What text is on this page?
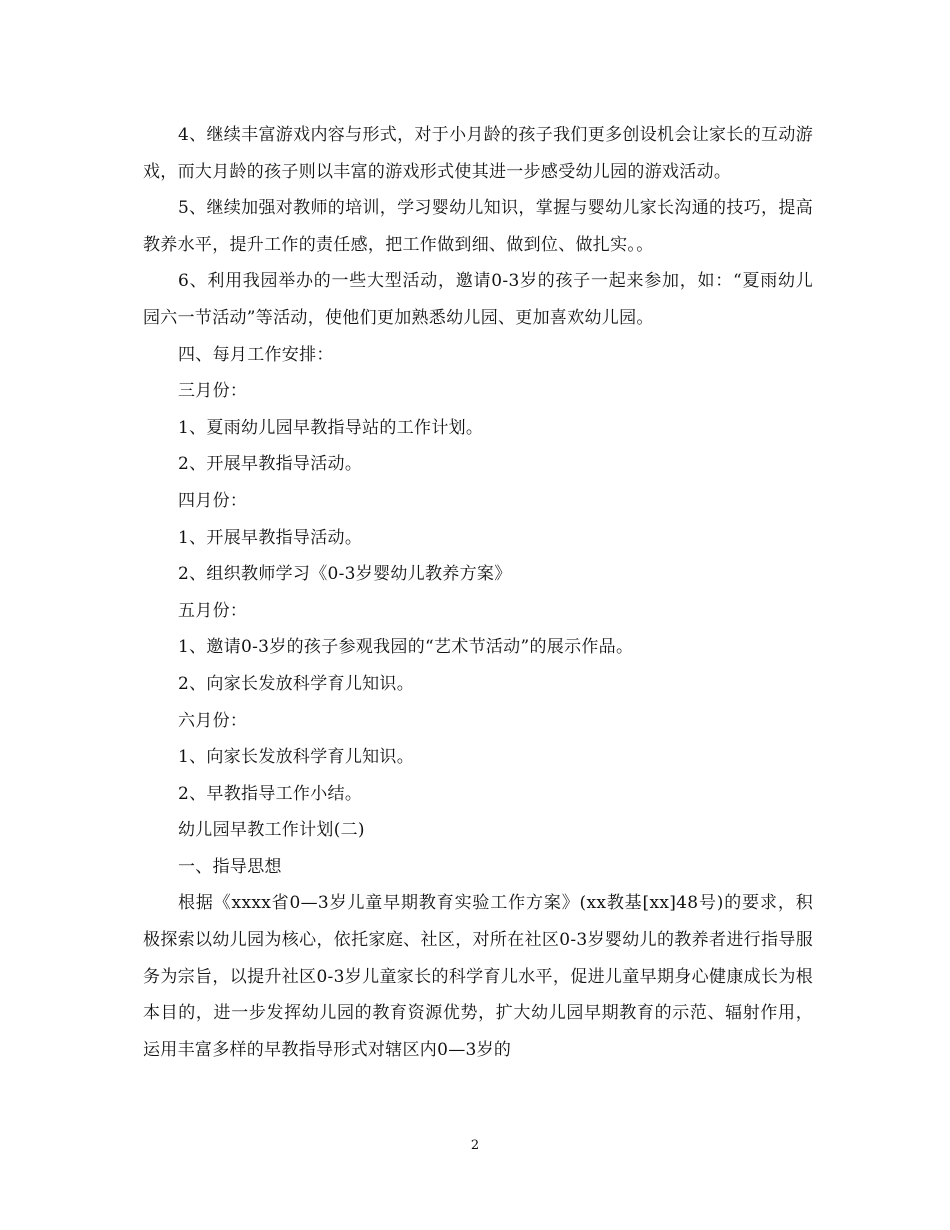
4、继续丰富游戏内容与形式，对于小月龄的孩子我们更多创设机会让家长的互动游戏，而大月龄的孩子则以丰富的游戏形式使其进一步感受幼儿园的游戏活动。

5、继续加强对教师的培训，学习婴幼儿知识，掌握与婴幼儿家长沟通的技巧，提高教养水平，提升工作的责任感，把工作做到细、做到位、做扎实。。

6、利用我园举办的一些大型活动，邀请0-3岁的孩子一起来参加，如：“夏雨幼儿园六一节活动”等活动，使他们更加熟悉幼儿园、更加喜欢幼儿园。

四、每月工作安排：

三月份：

1、夏雨幼儿园早教指导站的工作计划。

2、开展早教指导活动。

四月份：

1、开展早教指导活动。

2、组织教师学习《0-3岁婴幼儿教养方案》

五月份：

1、邀请0-3岁的孩子参观我园的“艺术节活动”的展示作品。

2、向家长发放科学育儿知识。

六月份：

1、向家长发放科学育儿知识。

2、早教指导工作小结。

幼儿园早教工作计划(二)

一、指导思想

根据《xxxx省0—3岁儿童早期教育实验工作方案》(xx教基[xx]48号)的要求，积极探索以幼儿园为核心，依托家庭、社区，对所在社区0-3岁婴幼儿的教养者进行指导服务为宗旨，以提升社区0-3岁儿童家长的科学育儿水平，促进儿童早期身心健康成长为根本目的，进一步发挥幼儿园的教育资源优势，扩大幼儿园早期教育的示范、辐射作用，运用丰富多样的早教指导形式对辖区内0—3岁的

2
